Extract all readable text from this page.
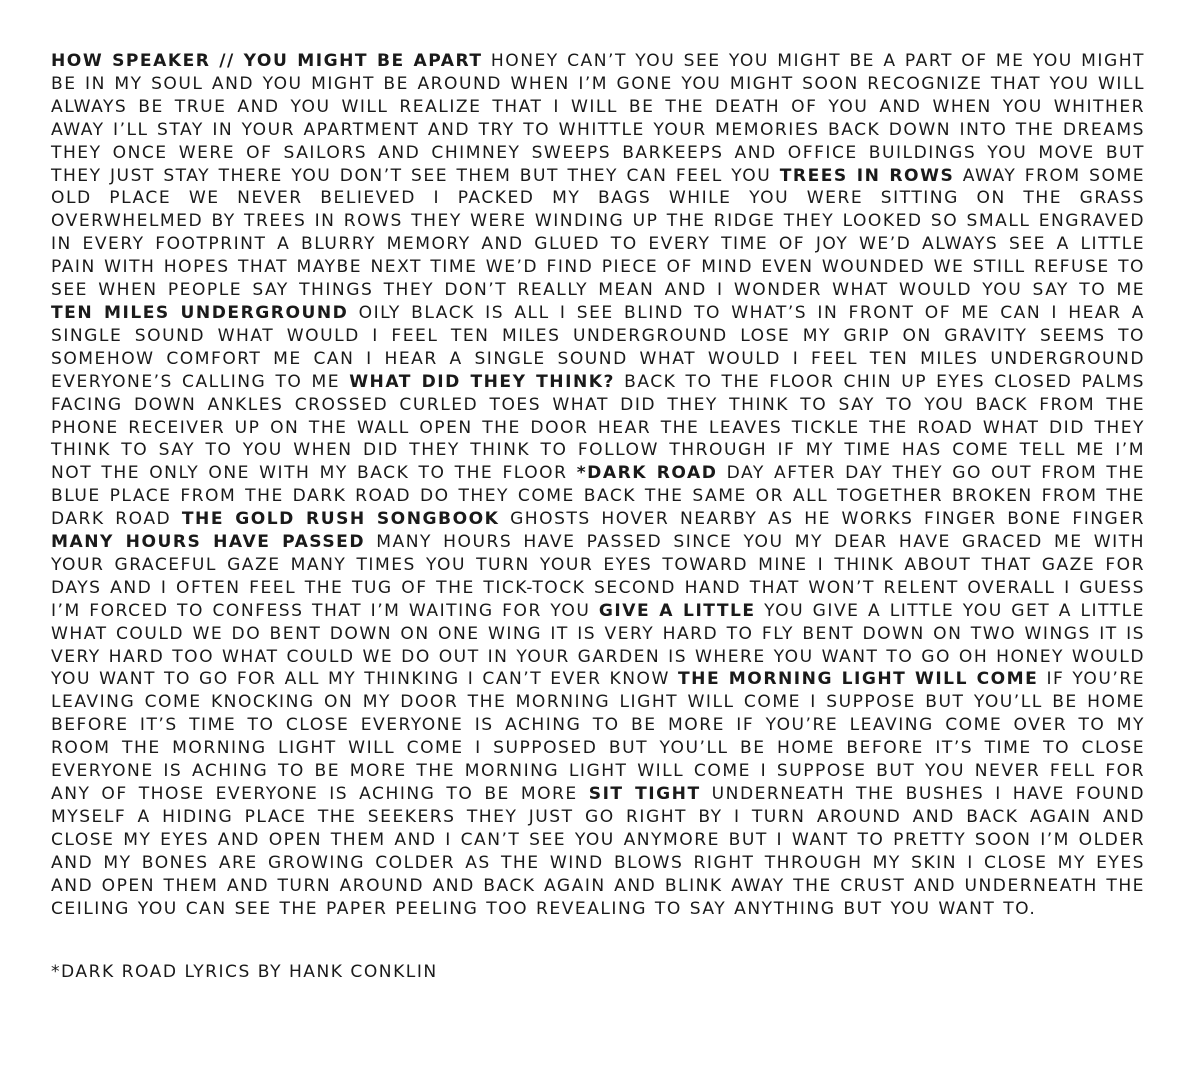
HOW SPEAKER // YOU MIGHT BE APART HONEY CAN’T YOU SEE YOU MIGHT BE A PART OF ME YOU MIGHT BE IN MY SOUL AND YOU MIGHT BE AROUND WHEN I’M GONE YOU MIGHT SOON RECOGNIZE THAT YOU WILL ALWAYS BE TRUE AND YOU WILL REALIZE THAT I WILL BE THE DEATH OF YOU AND WHEN YOU WHITHER AWAY I’LL STAY IN YOUR APARTMENT AND TRY TO WHITTLE YOUR MEMORIES BACK DOWN INTO THE DREAMS THEY ONCE WERE OF SAILORS AND CHIMNEY SWEEPS BARKEEPS AND OFFICE BUILDINGS YOU MOVE BUT THEY JUST STAY THERE YOU DON’T SEE THEM BUT THEY CAN FEEL YOU TREES IN ROWS AWAY FROM SOME OLD PLACE WE NEVER BELIEVED I PACKED MY BAGS WHILE YOU WERE SITTING ON THE GRASS OVERWHELMED BY TREES IN ROWS THEY WERE WINDING UP THE RIDGE THEY LOOKED SO SMALL ENGRAVED IN EVERY FOOTPRINT A BLURRY MEMORY AND GLUED TO EVERY TIME OF JOY WE’D ALWAYS SEE A LITTLE PAIN WITH HOPES THAT MAYBE NEXT TIME WE’D FIND PIECE OF MIND EVEN WOUNDED WE STILL REFUSE TO SEE WHEN PEOPLE SAY THINGS THEY DON’T REALLY MEAN AND I WONDER WHAT WOULD YOU SAY TO ME TEN MILES UNDERGROUND OILY BLACK IS ALL I SEE BLIND TO WHAT’S IN FRONT OF ME CAN I HEAR A SINGLE SOUND WHAT WOULD I FEEL TEN MILES UNDERGROUND LOSE MY GRIP ON GRAVITY SEEMS TO SOMEHOW COMFORT ME CAN I HEAR A SINGLE SOUND WHAT WOULD I FEEL TEN MILES UNDERGROUND EVERYONE’S CALLING TO ME WHAT DID THEY THINK? BACK TO THE FLOOR CHIN UP EYES CLOSED PALMS FACING DOWN ANKLES CROSSED CURLED TOES WHAT DID THEY THINK TO SAY TO YOU BACK FROM THE PHONE RECEIVER UP ON THE WALL OPEN THE DOOR HEAR THE LEAVES TICKLE THE ROAD WHAT DID THEY THINK TO SAY TO YOU WHEN DID THEY THINK TO FOLLOW THROUGH IF MY TIME HAS COME TELL ME I’M NOT THE ONLY ONE WITH MY BACK TO THE FLOOR *DARK ROAD DAY AFTER DAY THEY GO OUT FROM THE BLUE PLACE FROM THE DARK ROAD DO THEY COME BACK THE SAME OR ALL TOGETHER BROKEN FROM THE DARK ROAD THE GOLD RUSH SONGBOOK GHOSTS HOVER NEARBY AS HE WORKS FINGER BONE FINGER MANY HOURS HAVE PASSED MANY HOURS HAVE PASSED SINCE YOU MY DEAR HAVE GRACED ME WITH YOUR GRACEFUL GAZE MANY TIMES YOU TURN YOUR EYES TOWARD MINE I THINK ABOUT THAT GAZE FOR DAYS AND I OFTEN FEEL THE TUG OF THE TICK-TOCK SECOND HAND THAT WON’T RELENT OVERALL I GUESS I’M FORCED TO CONFESS THAT I’M WAITING FOR YOU GIVE A LITTLE YOU GIVE A LITTLE YOU GET A LITTLE WHAT COULD WE DO BENT DOWN ON ONE WING IT IS VERY HARD TO FLY BENT DOWN ON TWO WINGS IT IS VERY HARD TOO WHAT COULD WE DO OUT IN YOUR GARDEN IS WHERE YOU WANT TO GO OH HONEY WOULD YOU WANT TO GO FOR ALL MY THINKING I CAN’T EVER KNOW THE MORNING LIGHT WILL COME IF YOU’RE LEAVING COME KNOCKING ON MY DOOR THE MORNING LIGHT WILL COME I SUPPOSE BUT YOU’LL BE HOME BEFORE IT’S TIME TO CLOSE EVERYONE IS ACHING TO BE MORE IF YOU’RE LEAVING COME OVER TO MY ROOM THE MORNING LIGHT WILL COME I SUPPOSED BUT YOU’LL BE HOME BEFORE IT’S TIME TO CLOSE EVERYONE IS ACHING TO BE MORE THE MORNING LIGHT WILL COME I SUPPOSE BUT YOU NEVER FELL FOR ANY OF THOSE EVERYONE IS ACHING TO BE MORE SIT TIGHT UNDERNEATH THE BUSHES I HAVE FOUND MYSELF A HIDING PLACE THE SEEKERS THEY JUST GO RIGHT BY I TURN AROUND AND BACK AGAIN AND CLOSE MY EYES AND OPEN THEM AND I CAN’T SEE YOU ANYMORE BUT I WANT TO PRETTY SOON I’M OLDER AND MY BONES ARE GROWING COLDER AS THE WIND BLOWS RIGHT THROUGH MY SKIN I CLOSE MY EYES AND OPEN THEM AND TURN AROUND AND BACK AGAIN AND BLINK AWAY THE CRUST AND UNDERNEATH THE CEILING YOU CAN SEE THE PAPER PEELING TOO REVEALING TO SAY ANYTHING BUT YOU WANT TO.
*DARK ROAD LYRICS BY HANK CONKLIN
